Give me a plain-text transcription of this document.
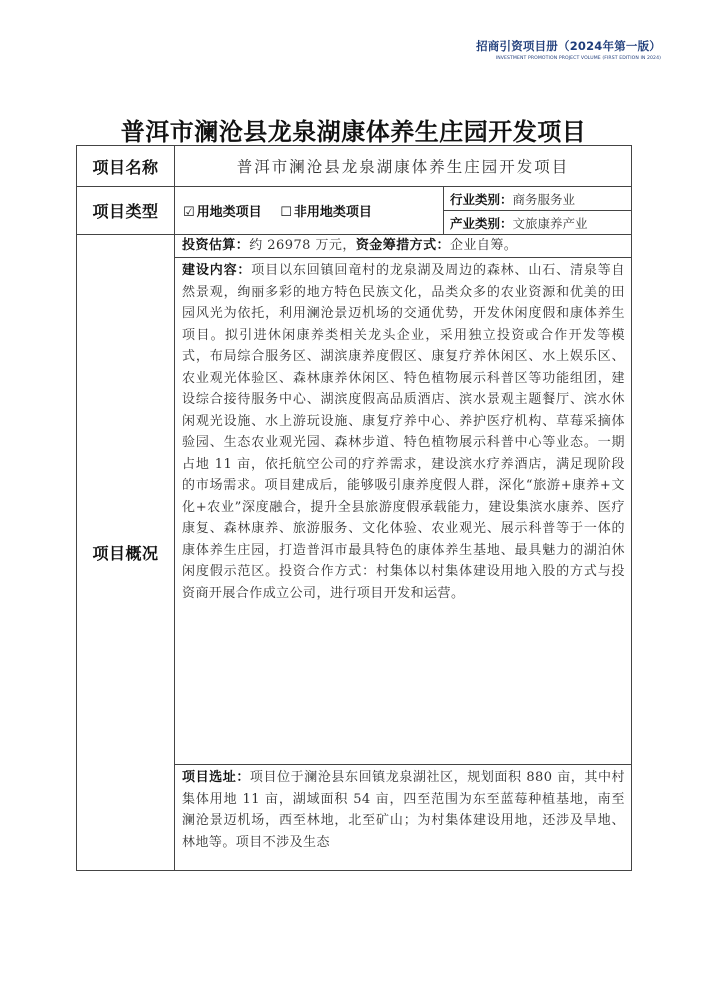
招商引资项目册（2024年第一版）
INVESTMENT PROMOTION PROJECT VOLUME (FIRST EDITION IN 2024)
普洱市澜沧县龙泉湖康体养生庄园开发项目
项目名称	普洱市澜沧县龙泉湖康体养生庄园开发项目	
项目类型	☑ 用地类项目 ☐ 非用地类项目	行业类别：商务服务业
		产业类别：文旅康养产业
项目概况	投资估算：约 26978 万元，资金筹措方式：企业自筹。	
	建设内容：项目以东回镇回竜村的龙泉湖及周边的森林、山石、清泉等自然景观，绚丽多彩的地方特色民族文化，品类众多的农业资源和优美的田园风光为依托，利用澜沧景迈机场的交通优势，开发休闲度假和康体养生项目。拟引进休闲康养类相关龙头企业，采用独立投资或合作开发等模式，布局综合服务区、湖滨康养度假区、康复疗养休闲区、水上娱乐区、农业观光体验区、森林康养休闲区、特色植物展示科普区等功能组团，建设综合接待服务中心、湖滨度假高品质酒店、滨水景观主题餐厅、滨水休闲观光设施、水上游玩设施、康复疗养中心、养护医疗机构、草莓采摘体验园、生态农业观光园、森林步道、特色植物展示科普中心等业态。一期占地 11 亩，依托航空公司的疗养需求，建设滨水疗养酒店，满足现阶段的市场需求。项目建成后，能够吸引康养度假人群，深化“旅游+康养+文化+农业”深度融合，提升全县旅游度假承载能力，建设集滨水康养、医疗康复、森林康养、旅游服务、文化体验、农业观光、展示科普等于一体的康体养生庄园，打造普洱市最具特色的康体养生基地、最具魅力的湖泊休闲度假示范区。投资合作方式：村集体以村集体建设用地入股的方式与投资商开展合作成立公司，进行项目开发和运营。	
	项目选址：项目位于澜沧县东回镇龙泉湖社区，规划面积 880 亩，其中村集体用地 11 亩，湖域面积 54 亩，四至范围为东至蓝莓种植基地，南至澜沧景迈机场，西至林地，北至矿山；为村集体建设用地，还涉及旱地、林地等。项目不涉及生态	
